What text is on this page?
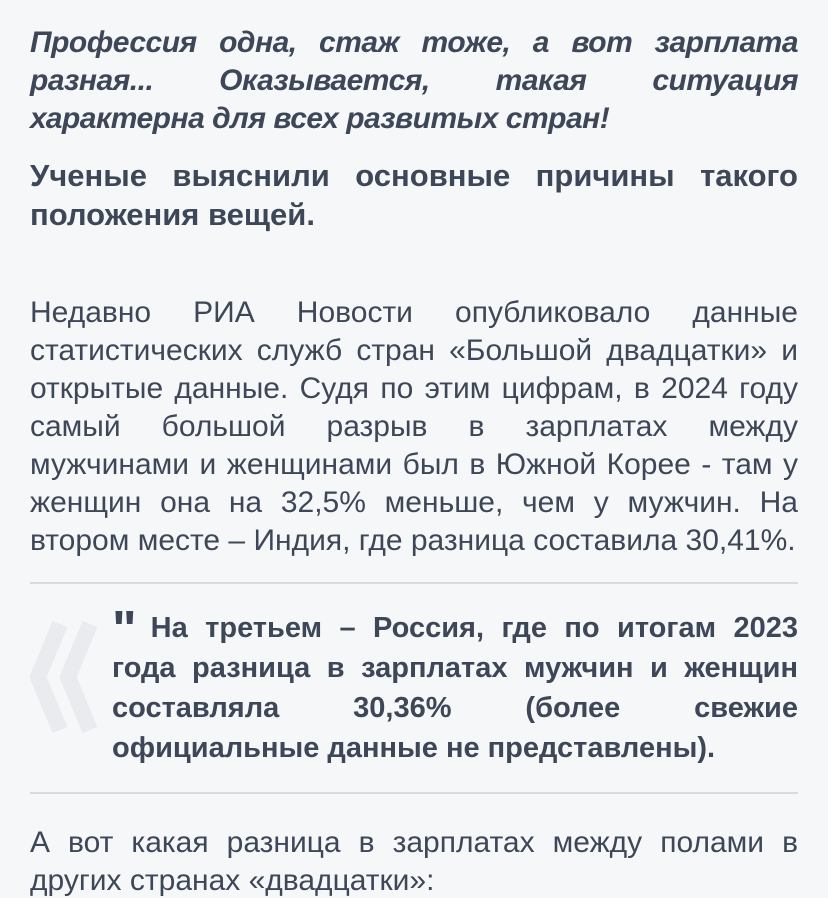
Профессия одна, стаж тоже, а вот зарплата разная... Оказывается, такая ситуация характерна для всех развитых стран!

Ученые выяснили основные причины такого положения вещей.

Недавно РИА Новости опубликовало данные статистических служб стран «Большой двадцатки» и открытые данные. Судя по этим цифрам, в 2024 году самый большой разрыв в зарплатах между мужчинами и женщинами был в Южной Корее - там у женщин она на 32,5% меньше, чем у мужчин. На втором месте – Индия, где разница составила 30,41%.

" На третьем – Россия, где по итогам 2023 года разница в зарплатах мужчин и женщин составляла 30,36% (более свежие официальные данные не представлены).

А вот какая разница в зарплатах между полами в других странах «двадцатки»:
